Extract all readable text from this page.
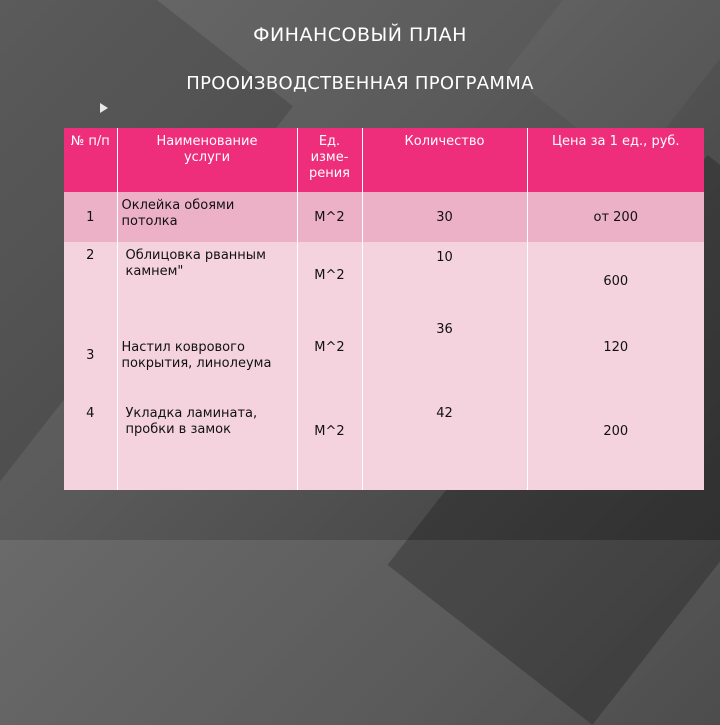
ФИНАНСОВЫЙ ПЛАН
ПРООИЗВОДСТВЕННАЯ ПРОГРАММА
№ п/п	Наименование услуги	Ед. изме-рения	Количество	Цена за 1 ед., руб.
1	Оклейка обоями потолка	М^2	30	от 200
2	Облицовка рванным камнем"	М^2	10	600
3	Настил коврового покрытия, линолеума	М^2	36	120
4	Укладка ламината, пробки в замок	М^2	42	200
